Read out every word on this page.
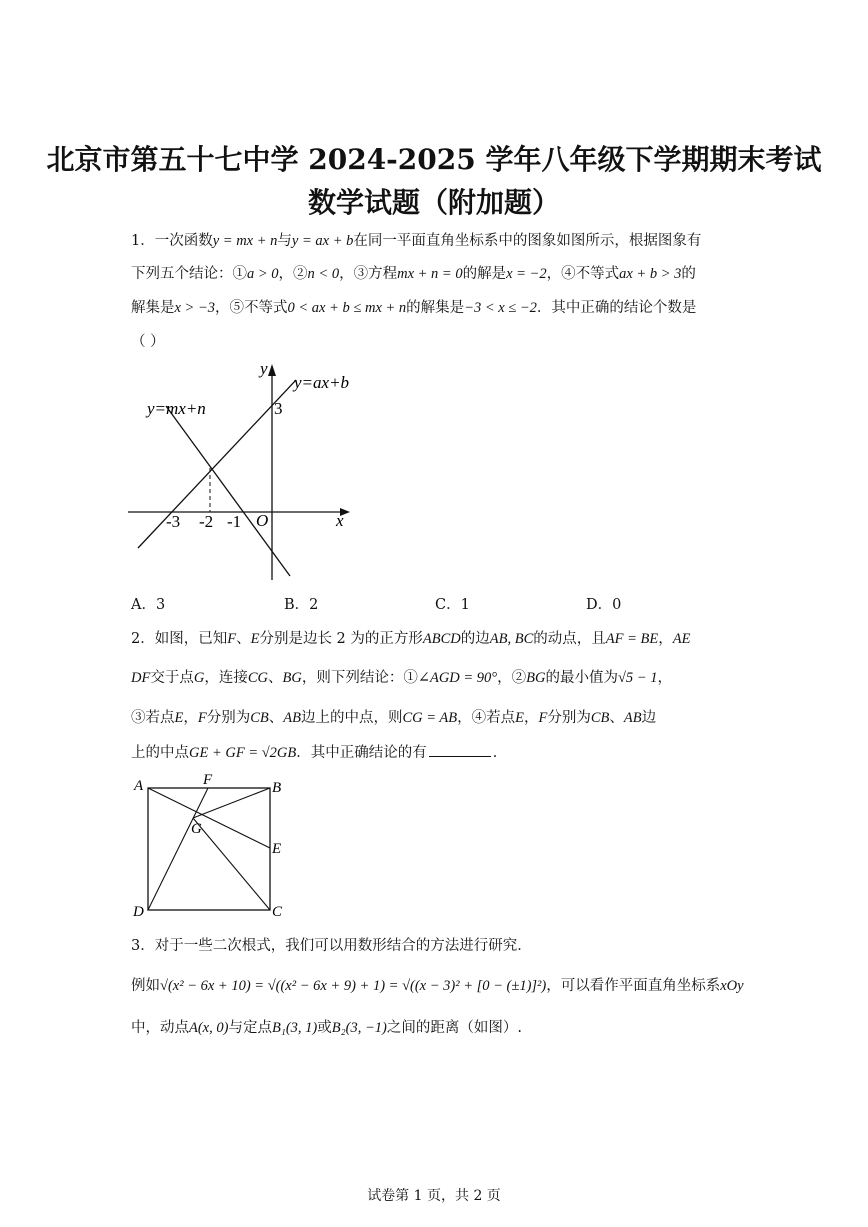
北京市第五十七中学 2024-2025 学年八年级下学期期末考试
数学试题（附加题）
1．一次函数y = mx + n与y = ax + b在同一平面直角坐标系中的图象如图所示，根据图象有
下列五个结论：①a > 0，②n < 0，③方程mx + n = 0的解是x = −2，④不等式ax + b > 3的
解集是x > −3，⑤不等式0 < ax + b ≤ mx + n的解集是−3 < x ≤ −2．其中正确的结论个数是
（ ）
y=mx+n
y=ax+b
y
x
O
3
-3 -2 -1
A．3	B．2	C．1	D．0
2．如图，已知F、E分别是边长 2 为的正方形ABCD的边AB, BC的动点，且AF = BE，AE
DF交于点G，连接CG、BG，则下列结论：①∠AGD = 90°，②BG的最小值为√5 − 1，
③若点E，F分别为CB、AB边上的中点，则CG = AB，④若点E，F分别为CB、AB边
上的中点GE + GF = √2GB．其中正确结论的有	．
A	F	B
G
E
D	C
3．对于一些二次根式，我们可以用数形结合的方法进行研究．
例如√(x² − 6x + 10) = √((x² − 6x + 9) + 1) = √((x − 3)² + [0 − (±1)]²)，可以看作平面直角坐标系xOy
中，动点A(x, 0)与定点B₁(3, 1)或B₂(3, −1)之间的距离（如图）.
试卷第 1 页，共 2 页
